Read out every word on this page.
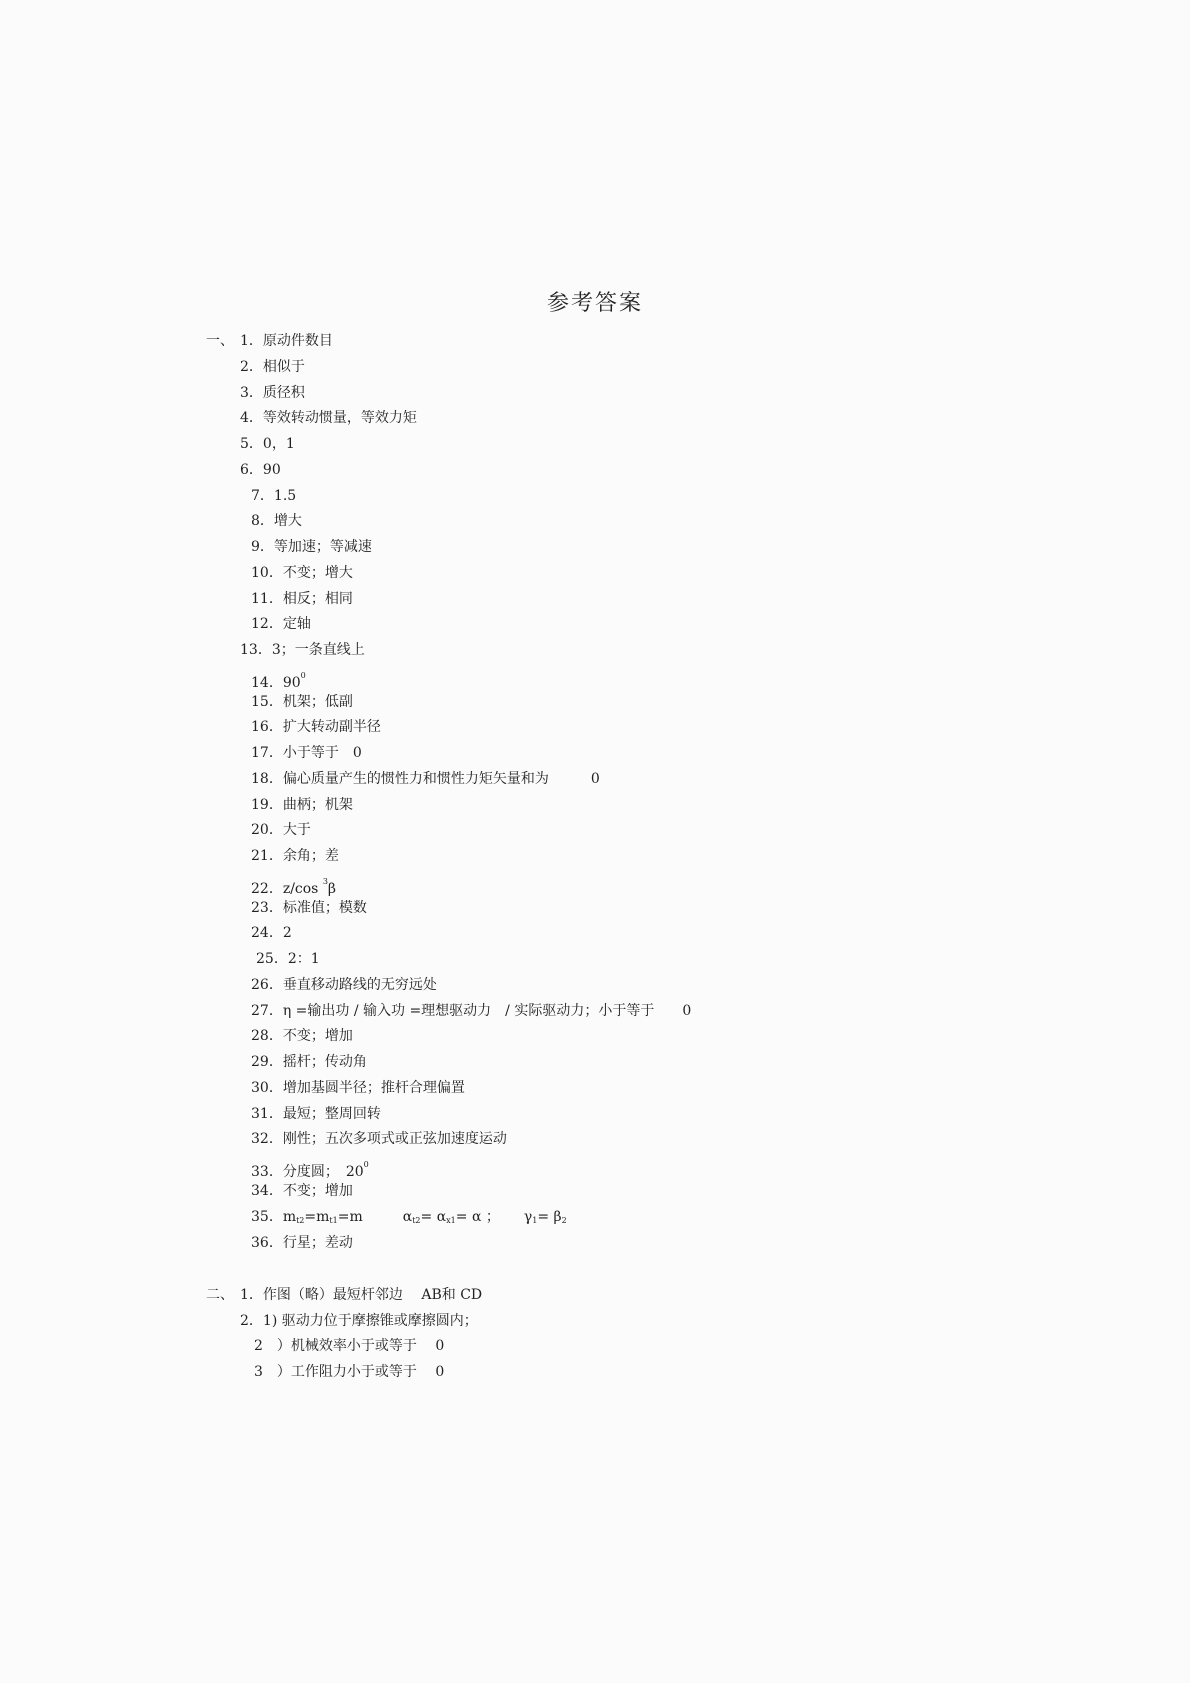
参考答案
一、 1．原动件数目
2．相似于
3．质径积
4．等效转动惯量，等效力矩
5．0，1
6．90
7．1.5
8．增大
9．等加速；等减速
10．不变；增大
11．相反；相同
12．定轴
13．3；一条直线上
14．$90^0$
15．机架；低副
16．扩大转动副半径
17．小于等于　0
18．偏心质量产生的惯性力和惯性力矩矢量和为　　　0
19．曲柄；机架
20．大于
21．余角；差
22．z/cos $^3$β
23．标准值；模数
24．2
25．2：1
26．垂直移动路线的无穷远处
27．η =输出功 / 输入功 =理想驱动力　/ 实际驱动力；小于等于　　0
28．不变；增加
29．摇杆；传动角
30．增加基圆半径；推杆合理偏置
31．最短；整周回转
32．刚性；五次多项式或正弦加速度运动
33．分度圆；　$20^0$
34．不变；增加
35．$m_{t2}=m_{t1}=m$	$\alpha_{t2}= \alpha_{x1}= \alpha$ ； $\gamma_1= \beta_2$
36．行星；差动
二、 1．作图（略）最短杆邻边　 AB和 CD
2．1) 驱动力位于摩擦锥或摩擦圆内；
2　）机械效率小于或等于　 0
3　）工作阻力小于或等于　 0
